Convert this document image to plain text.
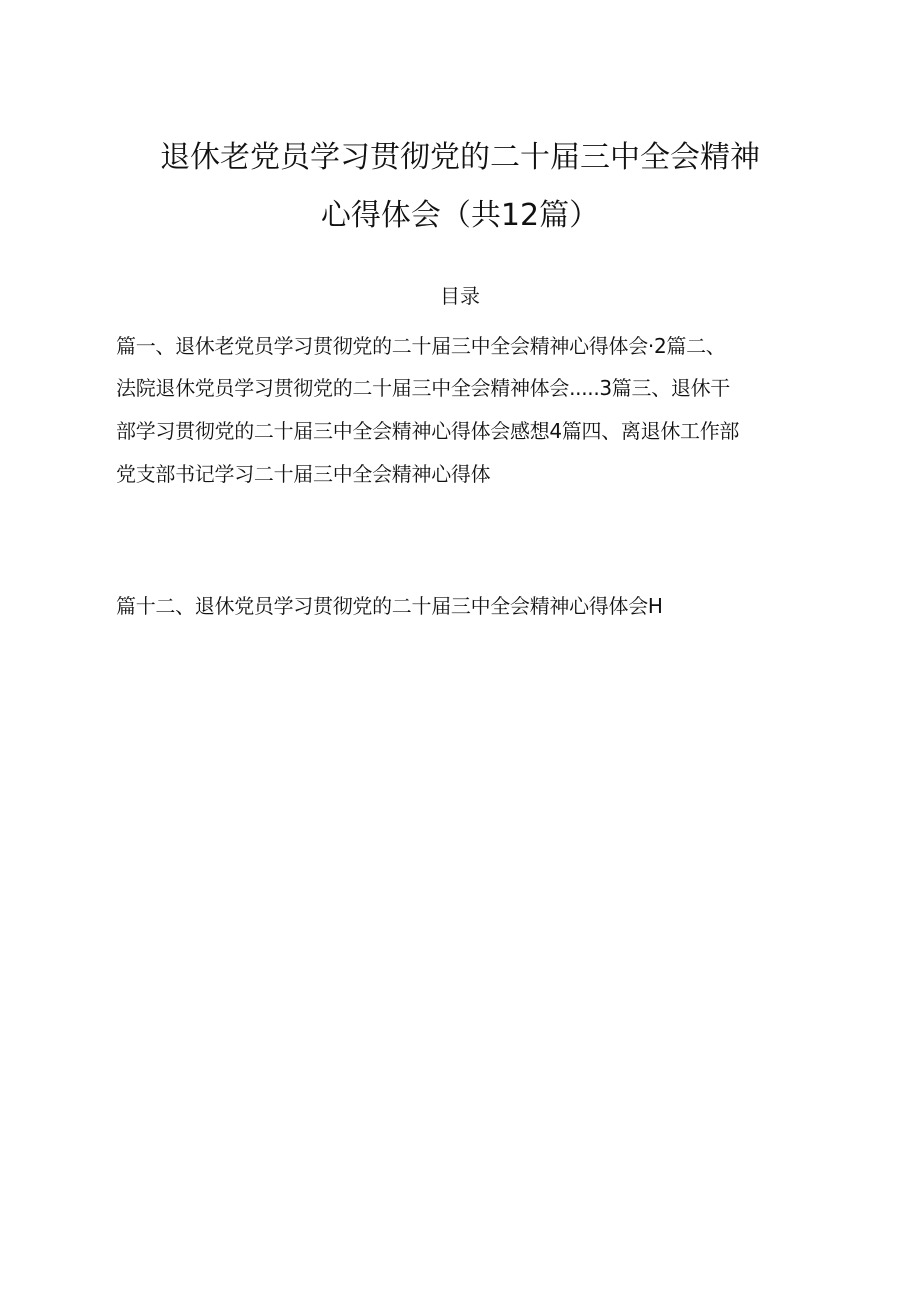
退休老党员学习贯彻党的二十届三中全会精神
心得体会（共12篇）
目录
篇一、退休老党员学习贯彻党的二十届三中全会精神心得体会·2篇二、
法院退休党员学习贯彻党的二十届三中全会精神体会.....3篇三、退休干
部学习贯彻党的二十届三中全会精神心得体会感想4篇四、离退休工作部
党支部书记学习二十届三中全会精神心得体
篇十二、退休党员学习贯彻党的二十届三中全会精神心得体会H
